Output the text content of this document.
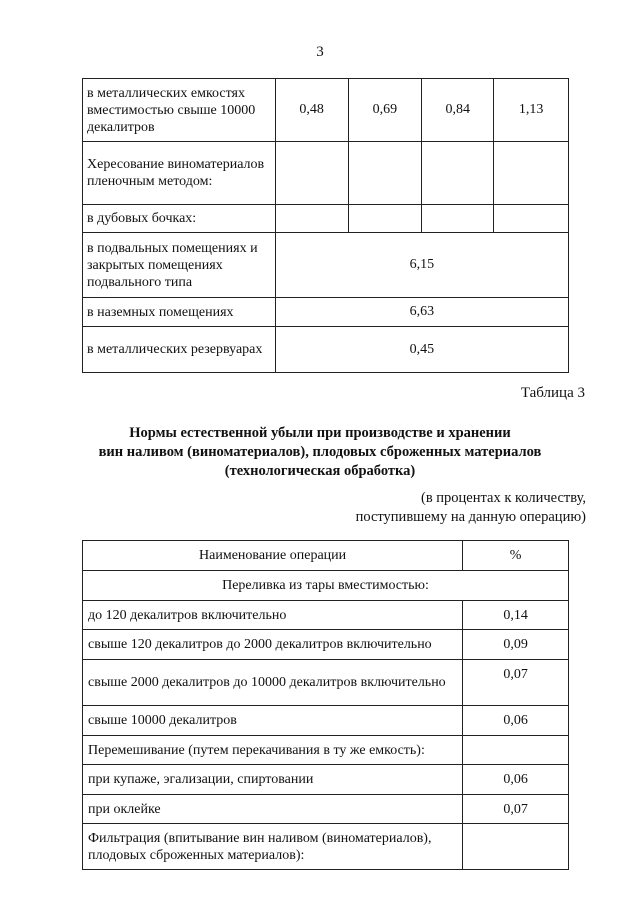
3
в металлических емкостях вместимостью свыше 10000 декалитров	0,48	0,69	0,84	1,13
Хересование виноматериалов пленочным методом:				
в дубовых бочках:				
в подвальных помещениях и закрытых помещениях подвального типа	6,15			
в наземных помещениях	6,63			
в металлических резервуарах	0,45			
Таблица 3
Нормы естественной убыли при производстве и хранении
вин наливом (виноматериалов), плодовых сброженных материалов
(технологическая обработка)
(в процентах к количеству,
поступившему на данную операцию)
Наименование операции	%
Переливка из тары вместимостью:	
до 120 декалитров включительно	0,14
свыше 120 декалитров до 2000 декалитров включительно	0,09
свыше 2000 декалитров до 10000 декалитров включительно	0,07
свыше 10000 декалитров	0,06
Перемешивание (путем перекачивания в ту же емкость):	
при купаже, эгализации, спиртовании	0,06
при оклейке	0,07
Фильтрация (впитывание вин наливом (виноматериалов), плодовых сброженных материалов):	
